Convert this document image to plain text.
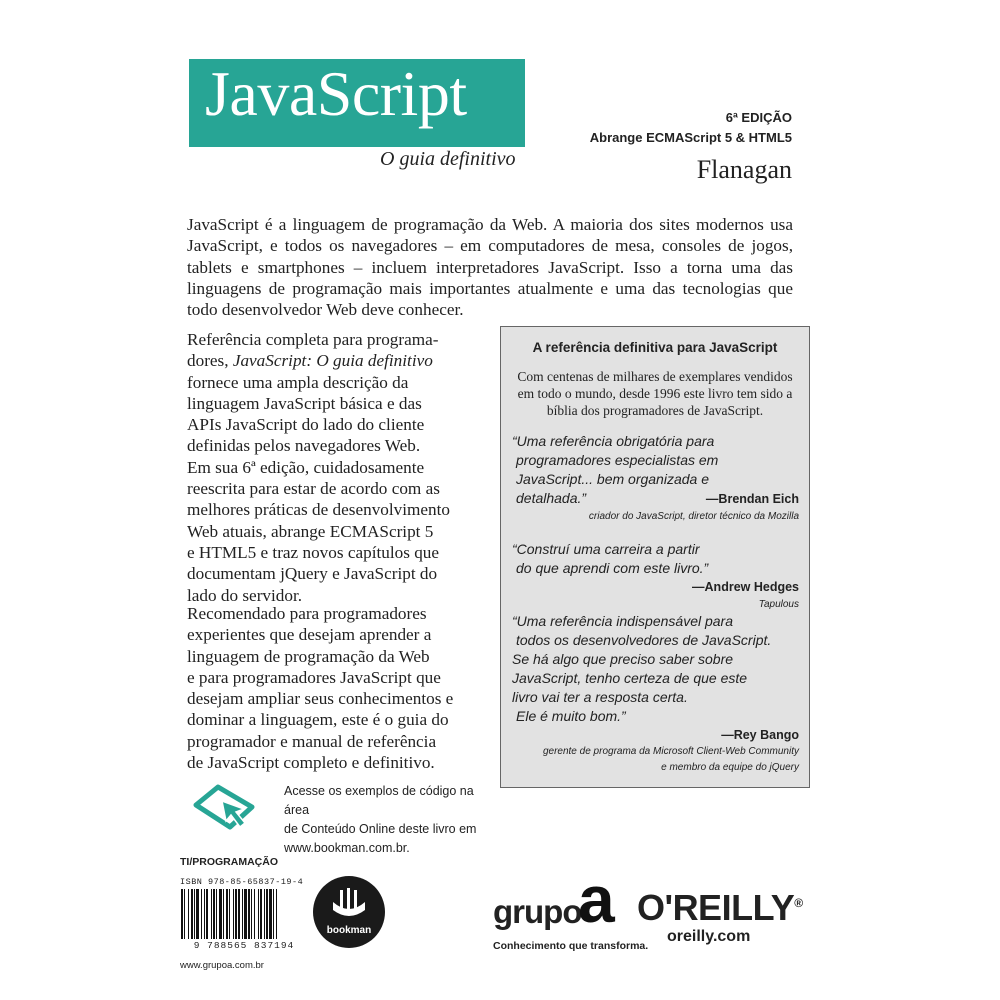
JavaScript
O guia definitivo
6ª EDIÇÃO
Abrange ECMAScript 5 & HTML5
Flanagan
JavaScript é a linguagem de programação da Web. A maioria dos sites modernos usa JavaScript, e todos os navegadores – em computadores de mesa, consoles de jogos, tablets e smartphones – incluem interpretadores JavaScript. Isso a torna uma das linguagens de programação mais importantes atualmente e uma das tecnologias que todo desenvolvedor Web deve conhecer.
Referência completa para programa-
dores, JavaScript: O guia definitivo
fornece uma ampla descrição da
linguagem JavaScript básica e das
APIs JavaScript do lado do cliente
definidas pelos navegadores Web.
Em sua 6ª edição, cuidadosamente
reescrita para estar de acordo com as
melhores práticas de desenvolvimento
Web atuais, abrange ECMAScript 5
e HTML5 e traz novos capítulos que
documentam jQuery e JavaScript do
lado do servidor.
Recomendado para programadores
experientes que desejam aprender a
linguagem de programação da Web
e para programadores JavaScript que
desejam ampliar seus conhecimentos e
dominar a linguagem, este é o guia do
programador e manual de referência
de JavaScript completo e definitivo.
A referência definitiva para JavaScript
Com centenas de milhares de exemplares vendidos em todo o mundo, desde 1996 este livro tem sido a bíblia dos programadores de JavaScript.
“Uma referência obrigatória para
programadores especialistas em
JavaScript... bem organizada e detalhada.”	—Brendan Eich
criador do JavaScript, diretor técnico da Mozilla
“Construí uma carreira a partir
do que aprendi com este livro.”
—Andrew Hedges
Tapulous
“Uma referência indispensável para
todos os desenvolvedores de JavaScript.
Se há algo que preciso saber sobre
JavaScript, tenho certeza de que este
livro vai ter a resposta certa.
Ele é muito bom.”
—Rey Bango
gerente de programa da Microsoft Client-Web Community
e membro da equipe do jQuery
Acesse os exemplos de código na área
de Conteúdo Online deste livro em
www.bookman.com.br.
TI/PROGRAMAÇÃO
ISBN 978-85-65837-19-4
9 788565 837194
www.grupoa.com.br
bookman
grupo
a
Conhecimento que transforma.
O'REILLY®
oreilly.com
